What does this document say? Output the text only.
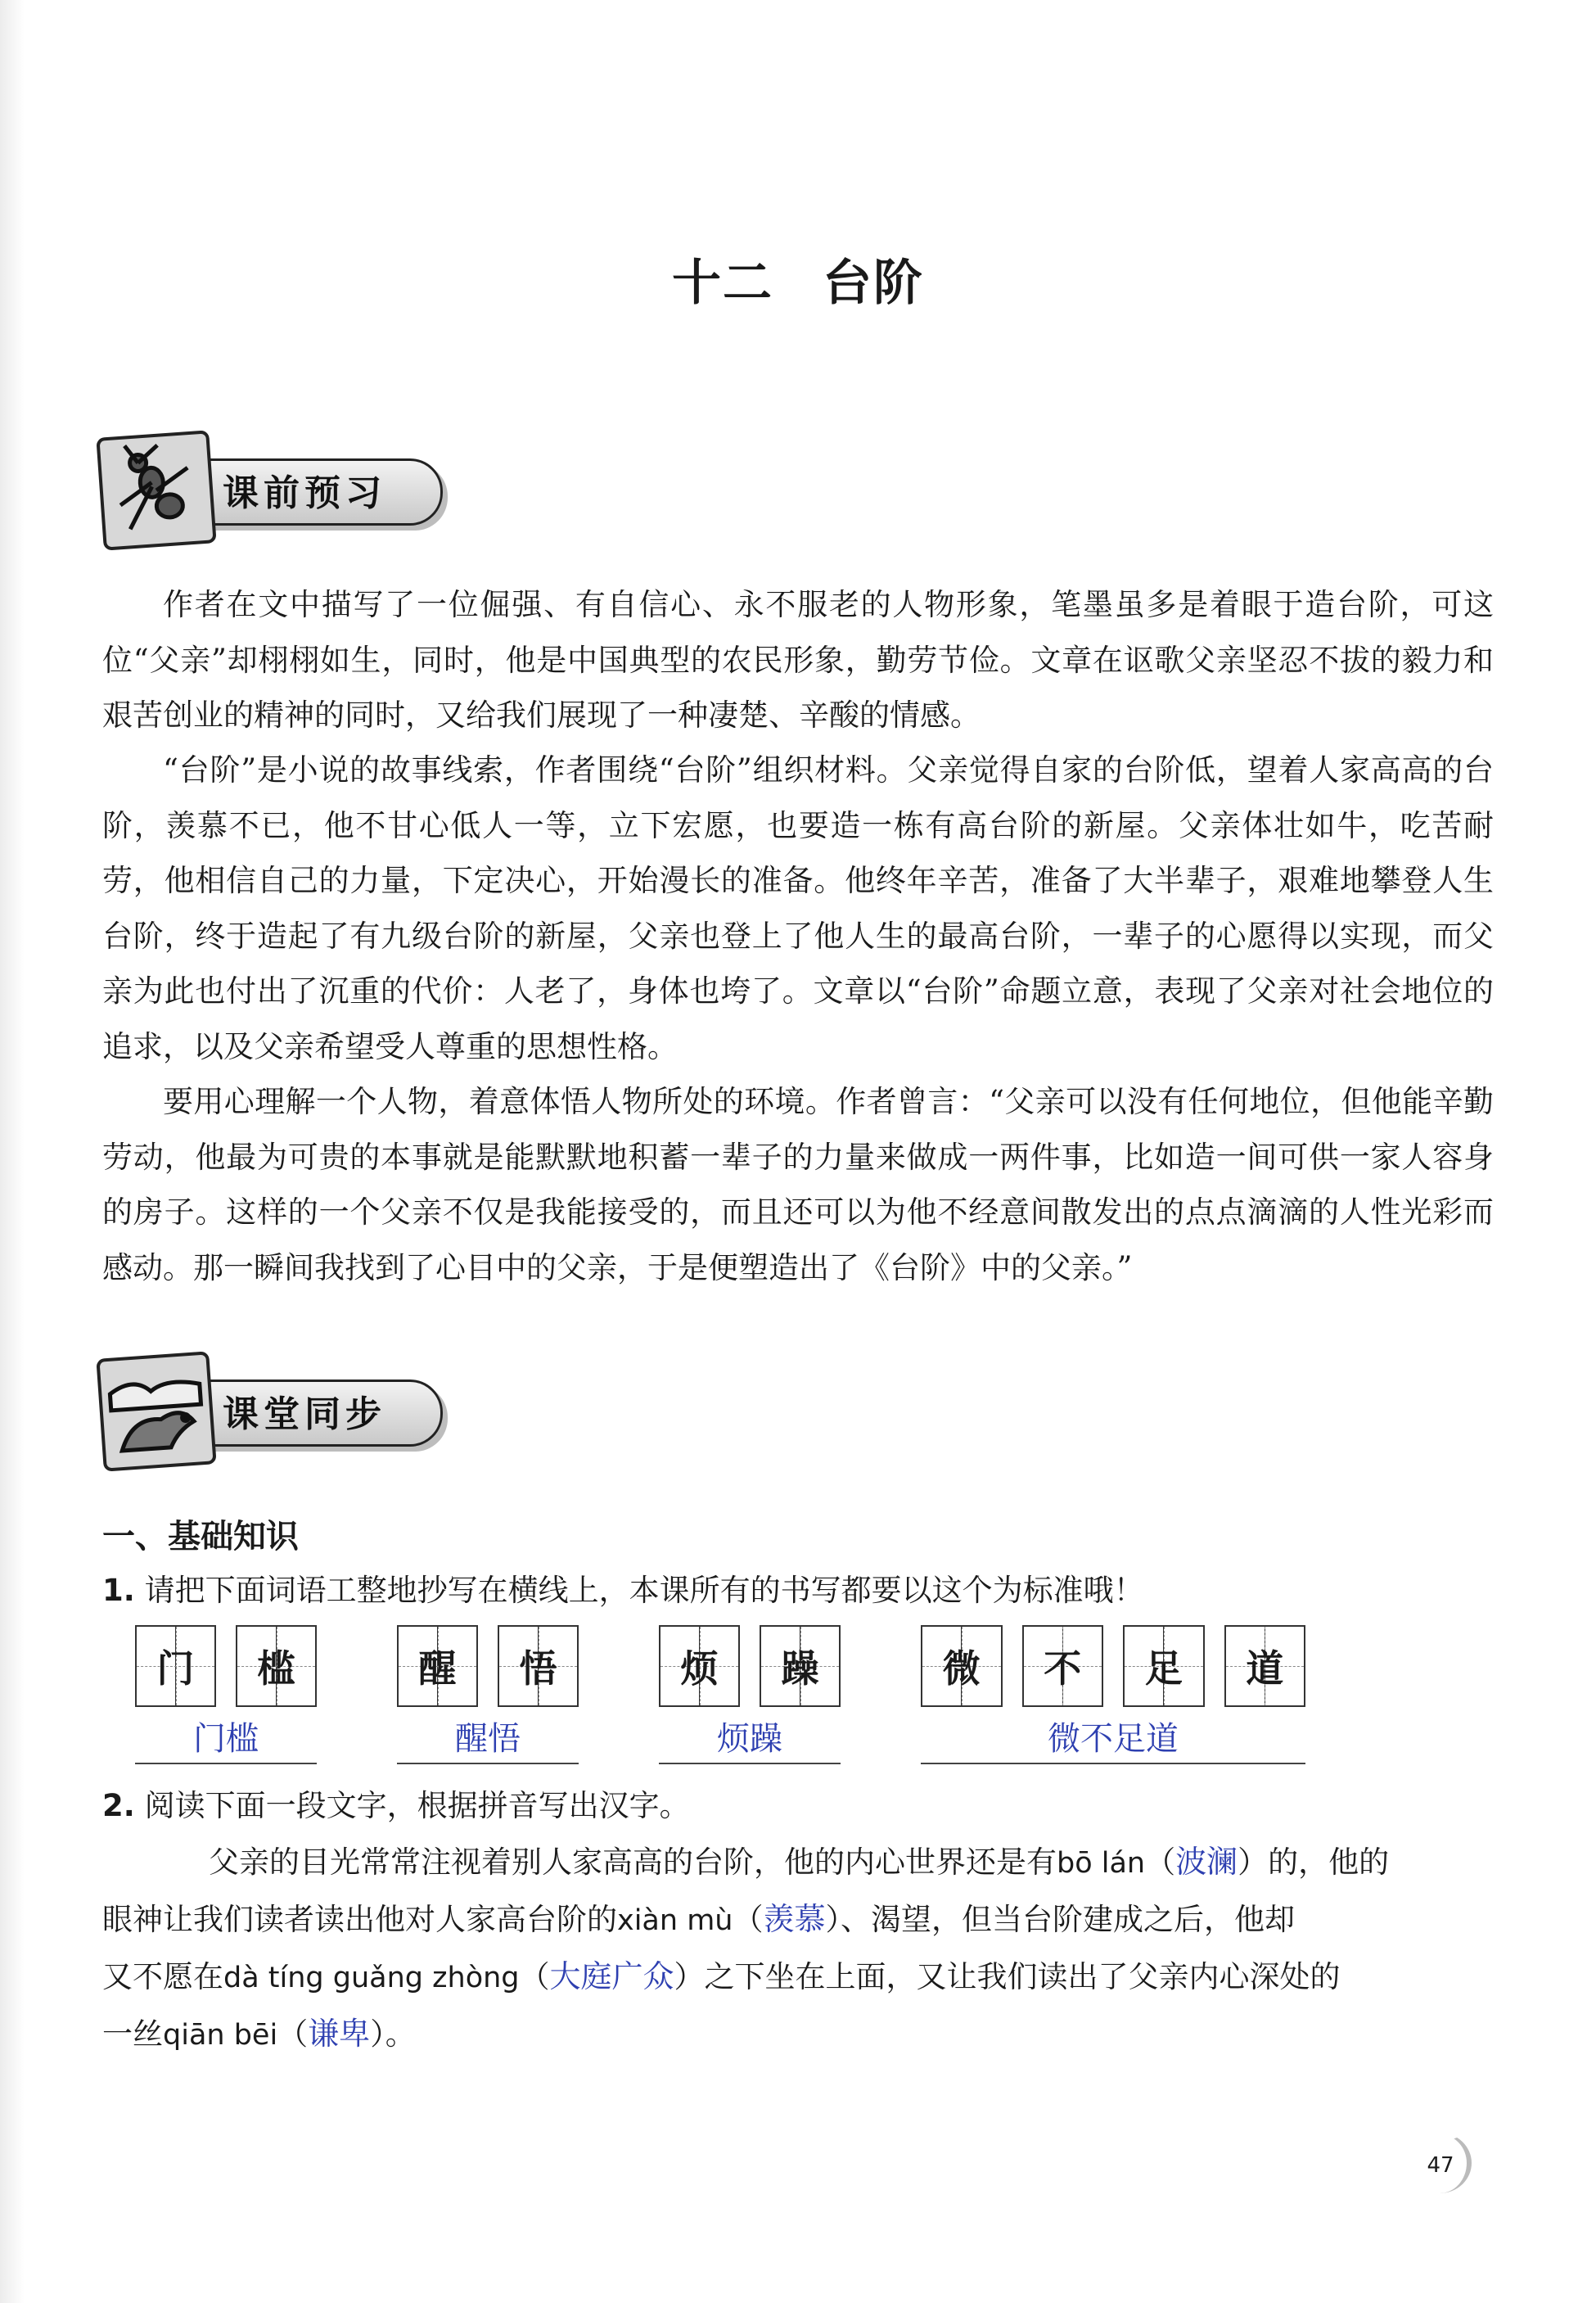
十二 台阶
课前预习

作者在文中描写了一位倔强、有自信心、永不服老的人物形象，笔墨虽多是着眼于造台阶，可这位“父亲”却栩栩如生，同时，他是中国典型的农民形象，勤劳节俭。文章在讴歌父亲坚忍不拔的毅力和艰苦创业的精神的同时，又给我们展现了一种凄楚、辛酸的情感。

“台阶”是小说的故事线索，作者围绕“台阶”组织材料。父亲觉得自家的台阶低，望着人家高高的台阶，羡慕不已，他不甘心低人一等，立下宏愿，也要造一栋有高台阶的新屋。父亲体壮如牛，吃苦耐劳，他相信自己的力量，下定决心，开始漫长的准备。他终年辛苦，准备了大半辈子，艰难地攀登人生台阶，终于造起了有九级台阶的新屋，父亲也登上了他人生的最高台阶，一辈子的心愿得以实现，而父亲为此也付出了沉重的代价：人老了，身体也垮了。文章以“台阶”命题立意，表现了父亲对社会地位的追求，以及父亲希望受人尊重的思想性格。

要用心理解一个人物，着意体悟人物所处的环境。作者曾言：“父亲可以没有任何地位，但他能辛勤劳动，他最为可贵的本事就是能默默地积蓄一辈子的力量来做成一两件事，比如造一间可供一家人容身的房子。这样的一个父亲不仅是我能接受的，而且还可以为他不经意间散发出的点点滴滴的人性光彩而感动。那一瞬间我找到了心目中的父亲，于是便塑造出了《台阶》中的父亲。”

课堂同步
一、基础知识
1. 请把下面词语工整地抄写在横线上，本课所有的书写都要以这个为标准哦！
门 槛
门槛
醒 悟
醒悟
烦 躁
烦躁
微 不 足 道
微不足道
2. 阅读下面一段文字，根据拼音写出汉字。
父亲的目光常常注视着别人家高高的台阶，他的内心世界还是有bō lán（波澜）的，他的
眼神让我们读者读出他对人家高台阶的xiàn mù（羡慕）、渴望，但当台阶建成之后，他却
又不愿在dà tíng guǎng zhòng（大庭广众）之下坐在上面，又让我们读出了父亲内心深处的
一丝qiān bēi（谦卑）。
47
